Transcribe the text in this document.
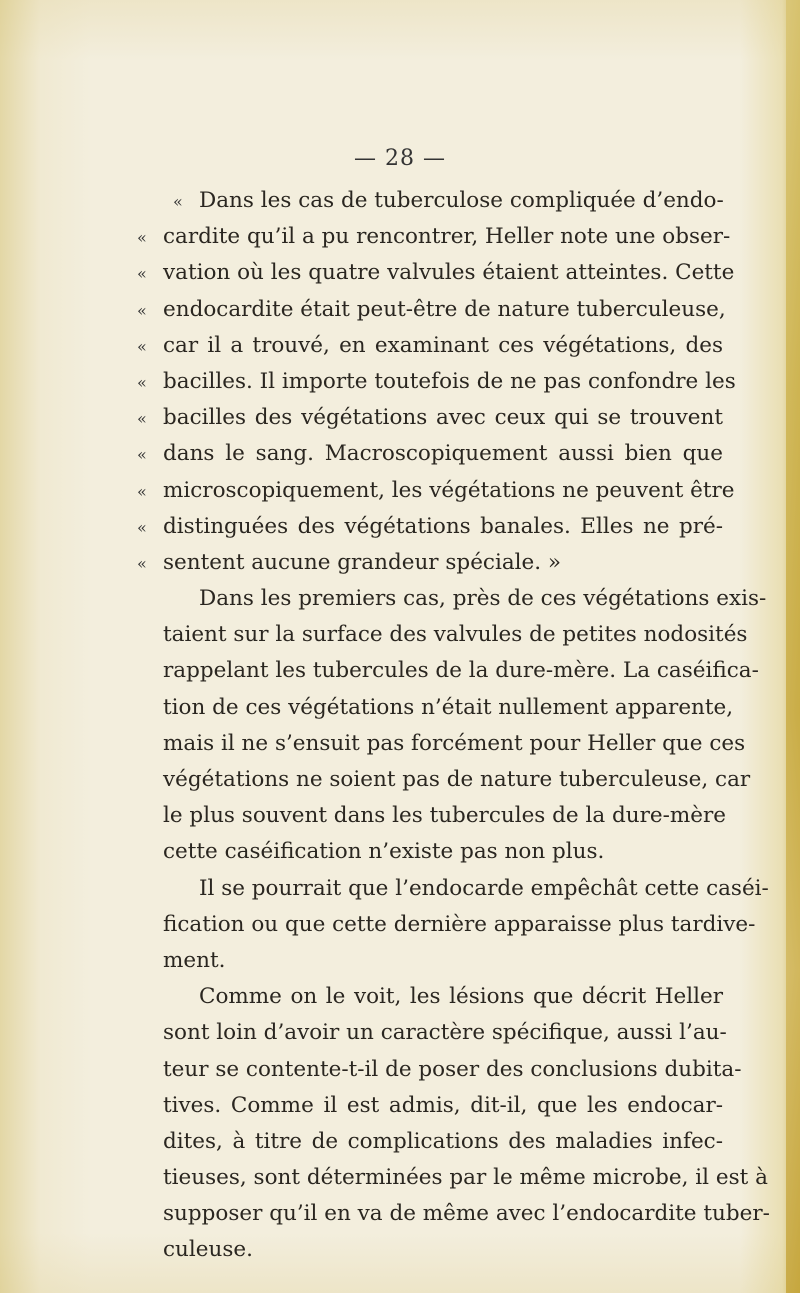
— 28 —
« Dans les cas de tuberculose compliquée d’endo-
« cardite qu’il a pu rencontrer, Heller note une obser-
« vation où les quatre valvules étaient atteintes. Cette
« endocardite était peut-être de nature tuberculeuse,
« car il a trouvé, en examinant ces végétations, des
« bacilles. Il importe toutefois de ne pas confondre les
« bacilles des végétations avec ceux qui se trouvent
« dans le sang. Macroscopiquement aussi bien que
« microscopiquement, les végétations ne peuvent être
« distinguées des végétations banales. Elles ne pré-
« sentent aucune grandeur spéciale. »
Dans les premiers cas, près de ces végétations exis-
taient sur la surface des valvules de petites nodosités
rappelant les tubercules de la dure-mère. La caséifica-
tion de ces végétations n’était nullement apparente,
mais il ne s’ensuit pas forcément pour Heller que ces
végétations ne soient pas de nature tuberculeuse, car
le plus souvent dans les tubercules de la dure-mère
cette caséification n’existe pas non plus.
Il se pourrait que l’endocarde empêchât cette caséi-
fication ou que cette dernière apparaisse plus tardive-
ment.
Comme on le voit, les lésions que décrit Heller
sont loin d’avoir un caractère spécifique, aussi l’au-
teur se contente-t-il de poser des conclusions dubita-
tives. Comme il est admis, dit-il, que les endocar-
dites, à titre de complications des maladies infec-
tieuses, sont déterminées par le même microbe, il est à
supposer qu’il en va de même avec l’endocardite tuber-
culeuse.
